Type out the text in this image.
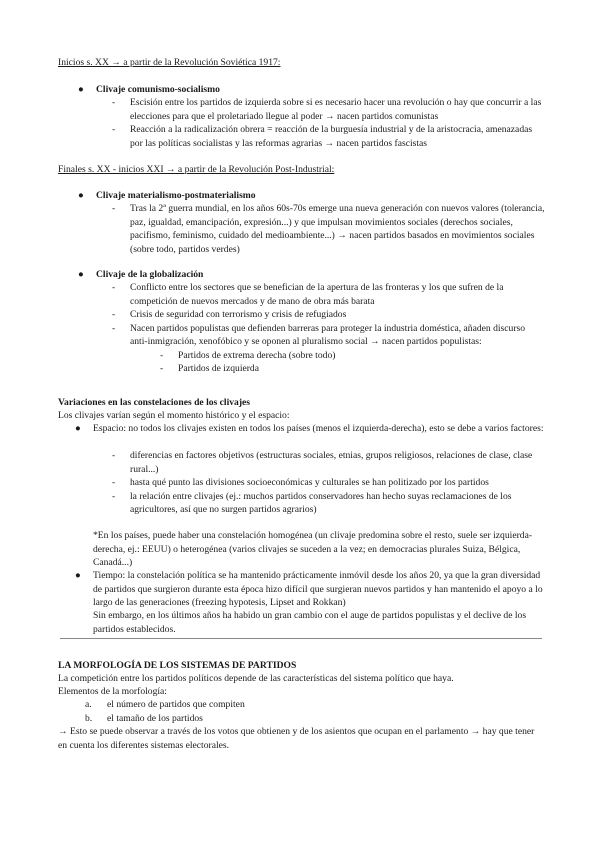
Inicios s. XX → a partir de la Revolución Soviética 1917:
● Clivaje comunismo-socialismo
- Escisión entre los partidos de izquierda sobre si es necesario hacer una revolución o hay que concurrir a las elecciones para que el proletariado llegue al poder → nacen partidos comunistas
- Reacción a la radicalización obrera = reacción de la burguesía industrial y de la aristocracia, amenazadas por las políticas socialistas y las reformas agrarias → nacen partidos fascistas
Finales s. XX - inicios XXI → a partir de la Revolución Post-Industrial:
● Clivaje materialismo-postmaterialismo
- Tras la 2ª guerra mundial, en los años 60s-70s emerge una nueva generación con nuevos valores (tolerancia, paz, igualdad, emancipación, expresión...) y que impulsan movimientos sociales (derechos sociales, pacifismo, feminismo, cuidado del medioambiente...) → nacen partidos basados en movimientos sociales (sobre todo, partidos verdes)
● Clivaje de la globalización
- Conflicto entre los sectores que se benefician de la apertura de las fronteras y los que sufren de la competición de nuevos mercados y de mano de obra más barata
- Crisis de seguridad con terrorismo y crisis de refugiados
- Nacen partidos populistas que defienden barreras para proteger la industria doméstica, añaden discurso anti-inmigración, xenofóbico y se oponen al pluralismo social → nacen partidos populistas:
- Partidos de extrema derecha (sobre todo)
- Partidos de izquierda
Variaciones en las constelaciones de los clivajes
Los clivajes varían según el momento histórico y el espacio:
● Espacio: no todos los clivajes existen en todos los países (menos el izquierda-derecha), esto se debe a varios factores:
- diferencias en factores objetivos (estructuras sociales, etnias, grupos religiosos, relaciones de clase, clase rural...)
- hasta qué punto las divisiones socioeconómicas y culturales se han politizado por los partidos
- la relación entre clivajes (ej.: muchos partidos conservadores han hecho suyas reclamaciones de los agricultores, así que no surgen partidos agrarios)
*En los países, puede haber una constelación homogénea (un clivaje predomina sobre el resto, suele ser izquierda-derecha, ej.: EEUU) o heterogénea (varios clivajes se suceden a la vez; en democracias plurales Suiza, Bélgica, Canadá...)
● Tiempo: la constelación política se ha mantenido prácticamente inmóvil desde los años 20, ya que la gran diversidad de partidos que surgieron durante esta época hizo difícil que surgieran nuevos partidos y han mantenido el apoyo a lo largo de las generaciones (freezing hypotesis, Lipset and Rokkan)
Sin embargo, en los últimos años ha habido un gran cambio con el auge de partidos populistas y el declive de los partidos establecidos.
LA MORFOLOGÍA DE LOS SISTEMAS DE PARTIDOS
La competición entre los partidos políticos depende de las características del sistema político que haya.
Elementos de la morfología:
a. el número de partidos que compiten
b. el tamaño de los partidos
→ Esto se puede observar a través de los votos que obtienen y de los asientos que ocupan en el parlamento → hay que tener en cuenta los diferentes sistemas electorales.
